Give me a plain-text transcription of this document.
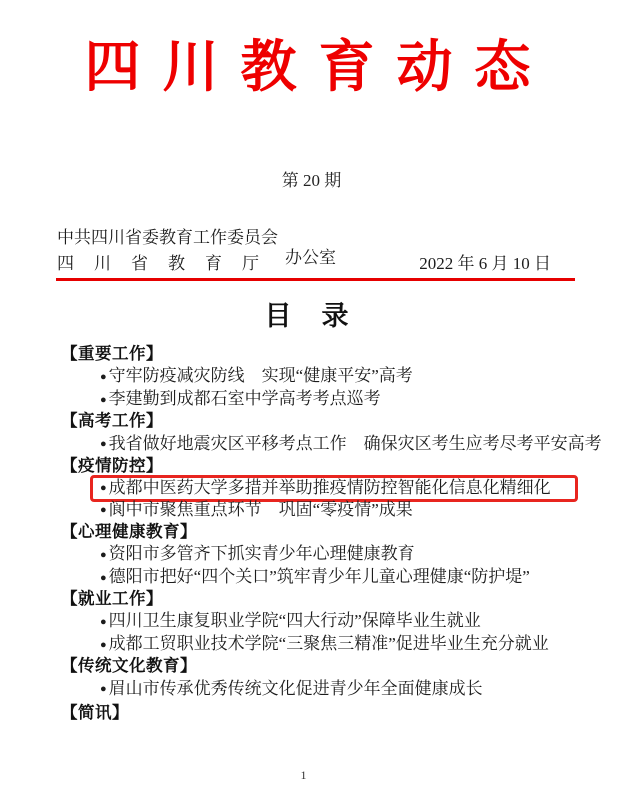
四川教育动态
第 20 期
中共四川省委教育工作委员会
四川省教育厅 办公室	2022 年 6 月 10 日
目录
【重要工作】
● 守牢防疫减灾防线　实现“健康平安”高考
● 李建勤到成都石室中学高考考点巡考
【高考工作】
● 我省做好地震灾区平移考点工作　确保灾区考生应考尽考平安高考
【疫情防控】
● 成都中医药大学多措并举助推疫情防控智能化信息化精细化
● 阆中市聚焦重点环节　巩固“零疫情”成果
【心理健康教育】
● 资阳市多管齐下抓实青少年心理健康教育
● 德阳市把好“四个关口”筑牢青少年儿童心理健康“防护堤”
【就业工作】
● 四川卫生康复职业学院“四大行动”保障毕业生就业
● 成都工贸职业技术学院“三聚焦三精准”促进毕业生充分就业
【传统文化教育】
● 眉山市传承优秀传统文化促进青少年全面健康成长
【简讯】
1
